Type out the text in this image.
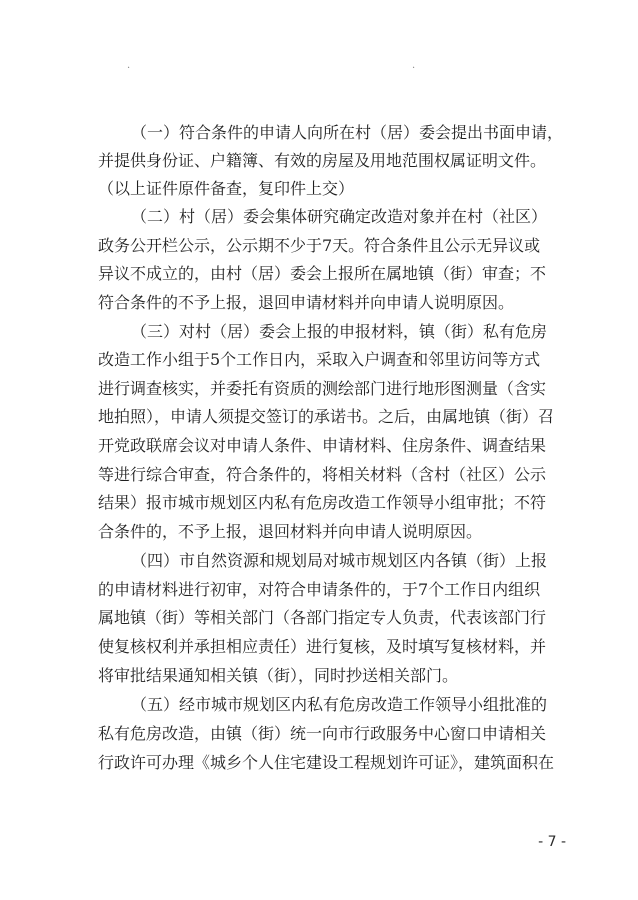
·	·
（一）符合条件的申请人向所在村（居）委会提出书面申请，
并提供身份证、户籍簿、有效的房屋及用地范围权属证明文件。
（以上证件原件备查，复印件上交）
（二）村（居）委会集体研究确定改造对象并在村（社区）
政务公开栏公示，公示期不少于7天。符合条件且公示无异议或
异议不成立的，由村（居）委会上报所在属地镇（街）审查；不
符合条件的不予上报，退回申请材料并向申请人说明原因。
（三）对村（居）委会上报的申报材料，镇（街）私有危房
改造工作小组于5个工作日内，采取入户调查和邻里访问等方式
进行调查核实，并委托有资质的测绘部门进行地形图测量（含实
地拍照），申请人须提交签订的承诺书。之后，由属地镇（街）召
开党政联席会议对申请人条件、申请材料、住房条件、调查结果
等进行综合审查，符合条件的，将相关材料（含村（社区）公示
结果）报市城市规划区内私有危房改造工作领导小组审批；不符
合条件的，不予上报，退回材料并向申请人说明原因。
（四）市自然资源和规划局对城市规划区内各镇（街）上报
的申请材料进行初审，对符合申请条件的，于7个工作日内组织
属地镇（街）等相关部门（各部门指定专人负责，代表该部门行
使复核权利并承担相应责任）进行复核，及时填写复核材料，并
将审批结果通知相关镇（街），同时抄送相关部门。
（五）经市城市规划区内私有危房改造工作领导小组批准的
私有危房改造，由镇（街）统一向市行政服务中心窗口申请相关
行政许可办理《城乡个人住宅建设工程规划许可证》，建筑面积在
- 7 -
